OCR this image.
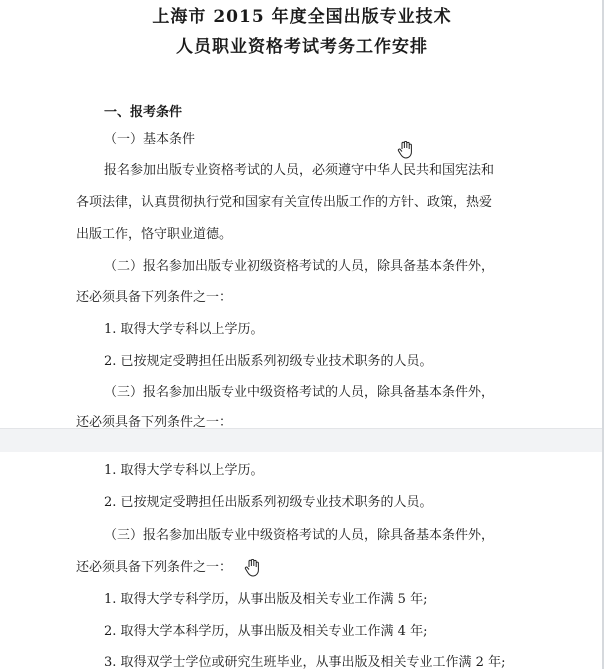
上海市 2015 年度全国出版专业技术
人员职业资格考试考务工作安排
一、报考条件
（一）基本条件
报名参加出版专业资格考试的人员，必须遵守中华人民共和国宪法和
各项法律，认真贯彻执行党和国家有关宣传出版工作的方针、政策，热爱
出版工作，恪守职业道德。
（二）报名参加出版专业初级资格考试的人员，除具备基本条件外，
还必须具备下列条件之一：
1. 取得大学专科以上学历。
2. 已按规定受聘担任出版系列初级专业技术职务的人员。
（三）报名参加出版专业中级资格考试的人员，除具备基本条件外，
还必须具备下列条件之一：
1. 取得大学专科以上学历。
2. 已按规定受聘担任出版系列初级专业技术职务的人员。
（三）报名参加出版专业中级资格考试的人员，除具备基本条件外，
还必须具备下列条件之一：
1. 取得大学专科学历，从事出版及相关专业工作满 5 年;
2. 取得大学本科学历，从事出版及相关专业工作满 4 年;
3. 取得双学士学位或研究生班毕业，从事出版及相关专业工作满 2 年;
